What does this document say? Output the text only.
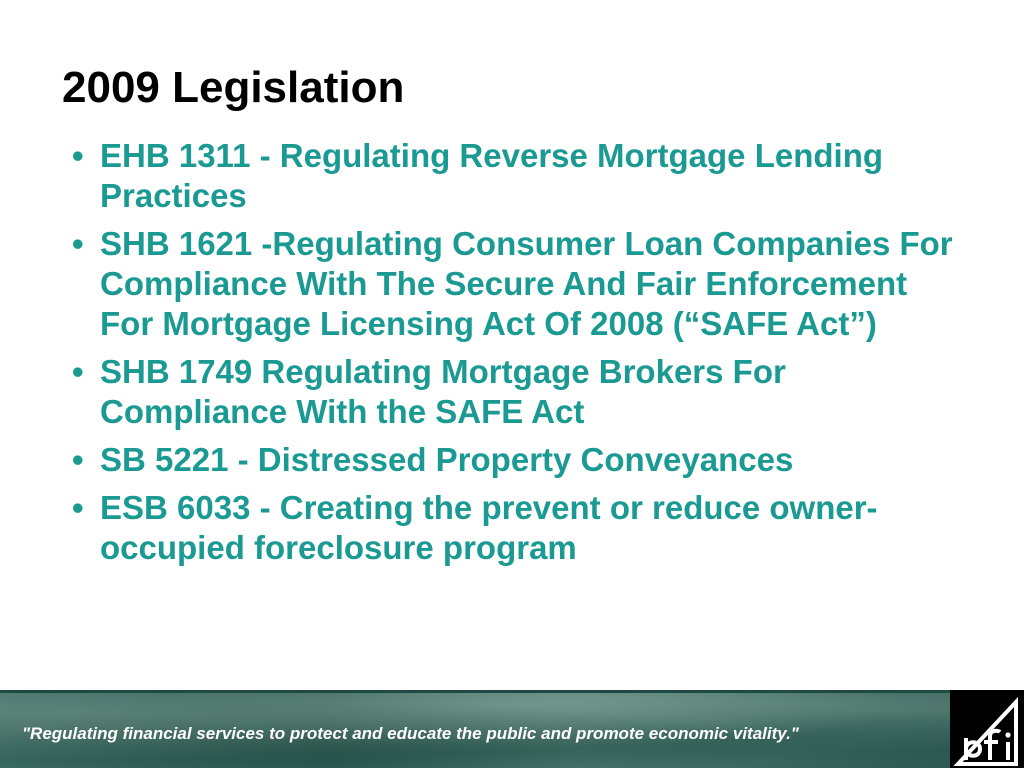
2009 Legislation
• EHB 1311 - Regulating Reverse Mortgage Lending Practices
• SHB 1621 -Regulating Consumer Loan Companies For Compliance With The Secure And Fair Enforcement For Mortgage Licensing Act Of 2008 (“SAFE Act”)
• SHB 1749 Regulating Mortgage Brokers For Compliance With the SAFE Act
• SB 5221 - Distressed Property Conveyances
• ESB 6033 - Creating the prevent or reduce owner-occupied foreclosure program
"Regulating financial services to protect and educate the public and promote economic vitality."
